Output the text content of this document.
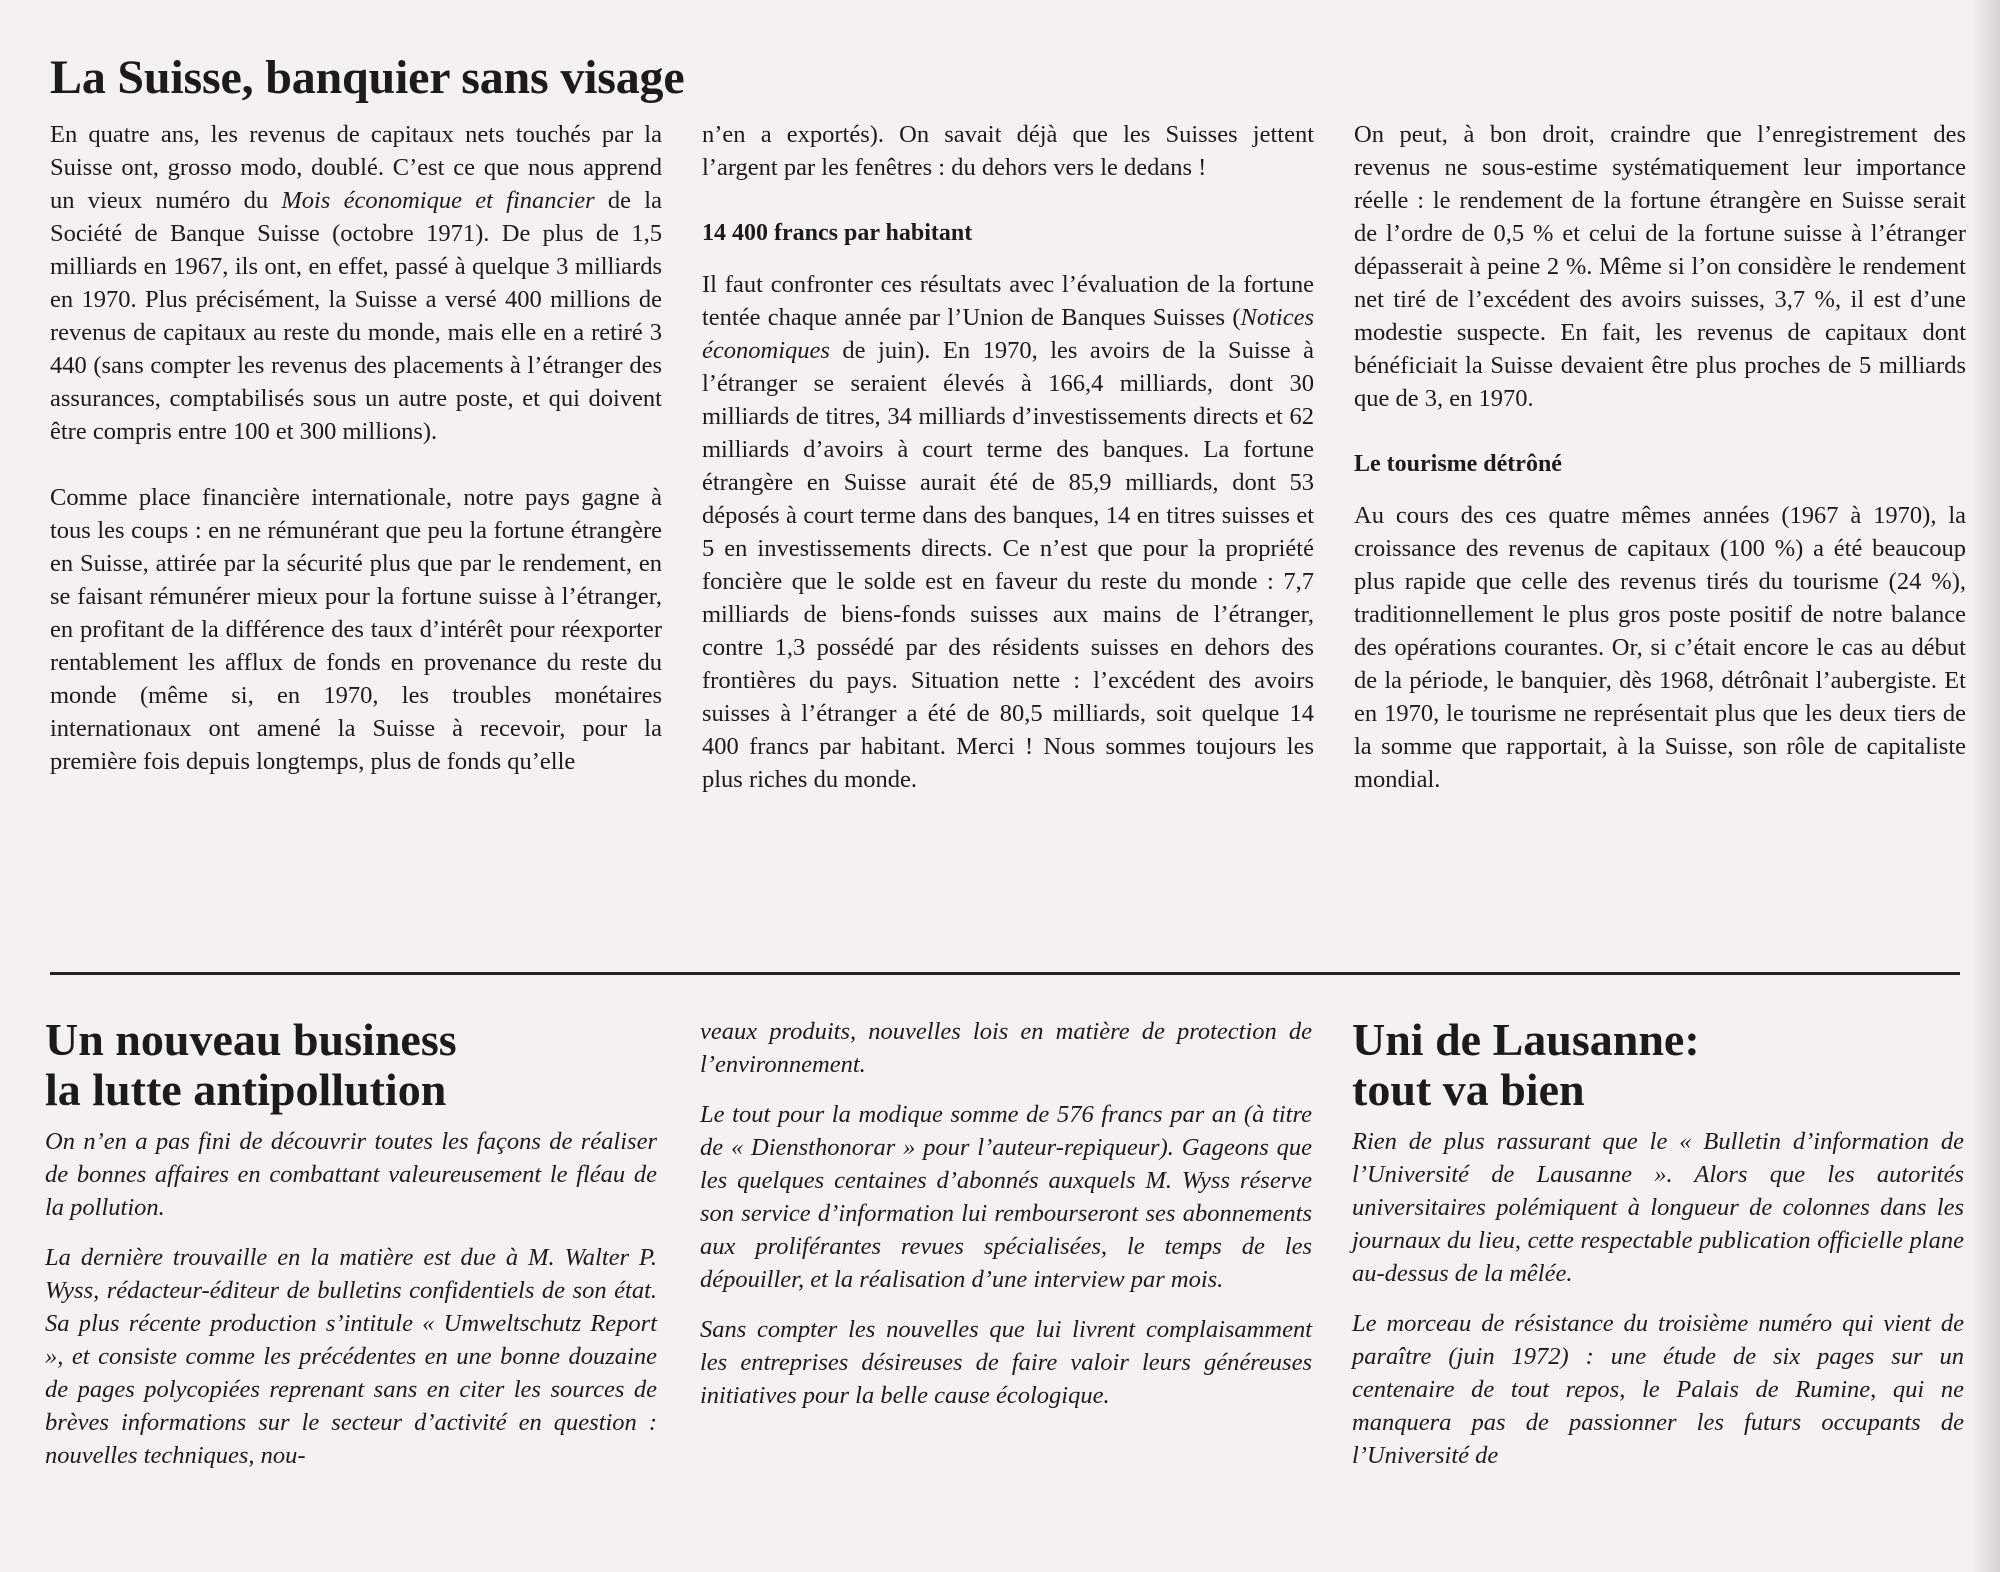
La Suisse, banquier sans visage

En quatre ans, les revenus de capitaux nets touchés par la Suisse ont, grosso modo, doublé. C’est ce que nous apprend un vieux numéro du Mois économique et financier de la Société de Banque Suisse (octobre 1971). De plus de 1,5 milliards en 1967, ils ont, en effet, passé à quelque 3 milliards en 1970. Plus précisément, la Suisse a versé 400 millions de revenus de capitaux au reste du monde, mais elle en a retiré 3 440 (sans compter les revenus des placements à l’étranger des assurances, comptabilisés sous un autre poste, et qui doivent être compris entre 100 et 300 millions).

Comme place financière internationale, notre pays gagne à tous les coups : en ne rémunérant que peu la fortune étrangère en Suisse, attirée par la sécurité plus que par le rendement, en se faisant rémunérer mieux pour la fortune suisse à l’étranger, en profitant de la différence des taux d’intérêt pour réexporter rentablement les afflux de fonds en provenance du reste du monde (même si, en 1970, les troubles monétaires internationaux ont amené la Suisse à recevoir, pour la première fois depuis longtemps, plus de fonds qu’elle

n’en a exportés). On savait déjà que les Suisses jettent l’argent par les fenêtres : du dehors vers le dedans !

14 400 francs par habitant

Il faut confronter ces résultats avec l’évaluation de la fortune tentée chaque année par l’Union de Banques Suisses (Notices économiques de juin). En 1970, les avoirs de la Suisse à l’étranger se seraient élevés à 166,4 milliards, dont 30 milliards de titres, 34 milliards d’investissements directs et 62 milliards d’avoirs à court terme des banques. La fortune étrangère en Suisse aurait été de 85,9 milliards, dont 53 déposés à court terme dans des banques, 14 en titres suisses et 5 en investissements directs. Ce n’est que pour la propriété foncière que le solde est en faveur du reste du monde : 7,7 milliards de biens-fonds suisses aux mains de l’étranger, contre 1,3 possédé par des résidents suisses en dehors des frontières du pays. Situation nette : l’excédent des avoirs suisses à l’étranger a été de 80,5 milliards, soit quelque 14 400 francs par habitant. Merci ! Nous sommes toujours les plus riches du monde.

On peut, à bon droit, craindre que l’enregistrement des revenus ne sous-estime systématiquement leur importance réelle : le rendement de la fortune étrangère en Suisse serait de l’ordre de 0,5 % et celui de la fortune suisse à l’étranger dépasserait à peine 2 %. Même si l’on considère le rendement net tiré de l’excédent des avoirs suisses, 3,7 %, il est d’une modestie suspecte. En fait, les revenus de capitaux dont bénéficiait la Suisse devaient être plus proches de 5 milliards que de 3, en 1970.

Le tourisme détrôné

Au cours des ces quatre mêmes années (1967 à 1970), la croissance des revenus de capitaux (100 %) a été beaucoup plus rapide que celle des revenus tirés du tourisme (24 %), traditionnellement le plus gros poste positif de notre balance des opérations courantes. Or, si c’était encore le cas au début de la période, le banquier, dès 1968, détrônait l’aubergiste. Et en 1970, le tourisme ne représentait plus que les deux tiers de la somme que rapportait, à la Suisse, son rôle de capitaliste mondial.

Un nouveau business
la lutte antipollution

On n’en a pas fini de découvrir toutes les façons de réaliser de bonnes affaires en combattant valeureusement le fléau de la pollution.

La dernière trouvaille en la matière est due à M. Walter P. Wyss, rédacteur-éditeur de bulletins confidentiels de son état. Sa plus récente production s’intitule « Umweltschutz Report », et consiste comme les précédentes en une bonne douzaine de pages polycopiées reprenant sans en citer les sources de brèves informations sur le secteur d’activité en question : nouvelles techniques, nou-

veaux produits, nouvelles lois en matière de protection de l’environnement.

Le tout pour la modique somme de 576 francs par an (à titre de « Diensthonorar » pour l’auteur-repiqueur). Gageons que les quelques centaines d’abonnés auxquels M. Wyss réserve son service d’information lui rembourseront ses abonnements aux proliférantes revues spécialisées, le temps de les dépouiller, et la réalisation d’une interview par mois.

Sans compter les nouvelles que lui livrent complaisamment les entreprises désireuses de faire valoir leurs généreuses initiatives pour la belle cause écologique.

Uni de Lausanne:
tout va bien

Rien de plus rassurant que le « Bulletin d’information de l’Université de Lausanne ». Alors que les autorités universitaires polémiquent à longueur de colonnes dans les journaux du lieu, cette respectable publication officielle plane au-dessus de la mêlée.

Le morceau de résistance du troisième numéro qui vient de paraître (juin 1972) : une étude de six pages sur un centenaire de tout repos, le Palais de Rumine, qui ne manquera pas de passionner les futurs occupants de l’Université de
